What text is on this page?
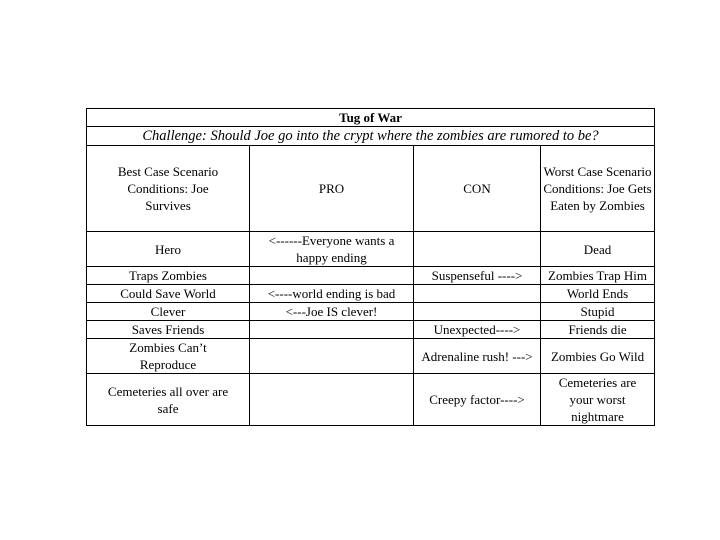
Tug of War			
Challenge: Should Joe go into the crypt where the zombies are rumored to be?			
Best Case Scenario Conditions: Joe Survives	PRO	CON	Worst Case Scenario Conditions: Joe Gets Eaten by Zombies
Hero	<------Everyone wants a happy ending		Dead
Traps Zombies		Suspenseful ---->	Zombies Trap Him
Could Save World	<----world ending is bad		World Ends
Clever	<---Joe IS clever!		Stupid
Saves Friends		Unexpected---->	Friends die
Zombies Can’t Reproduce		Adrenaline rush! --->	Zombies Go Wild
Cemeteries all over are safe		Creepy factor---->	Cemeteries are your worst nightmare
